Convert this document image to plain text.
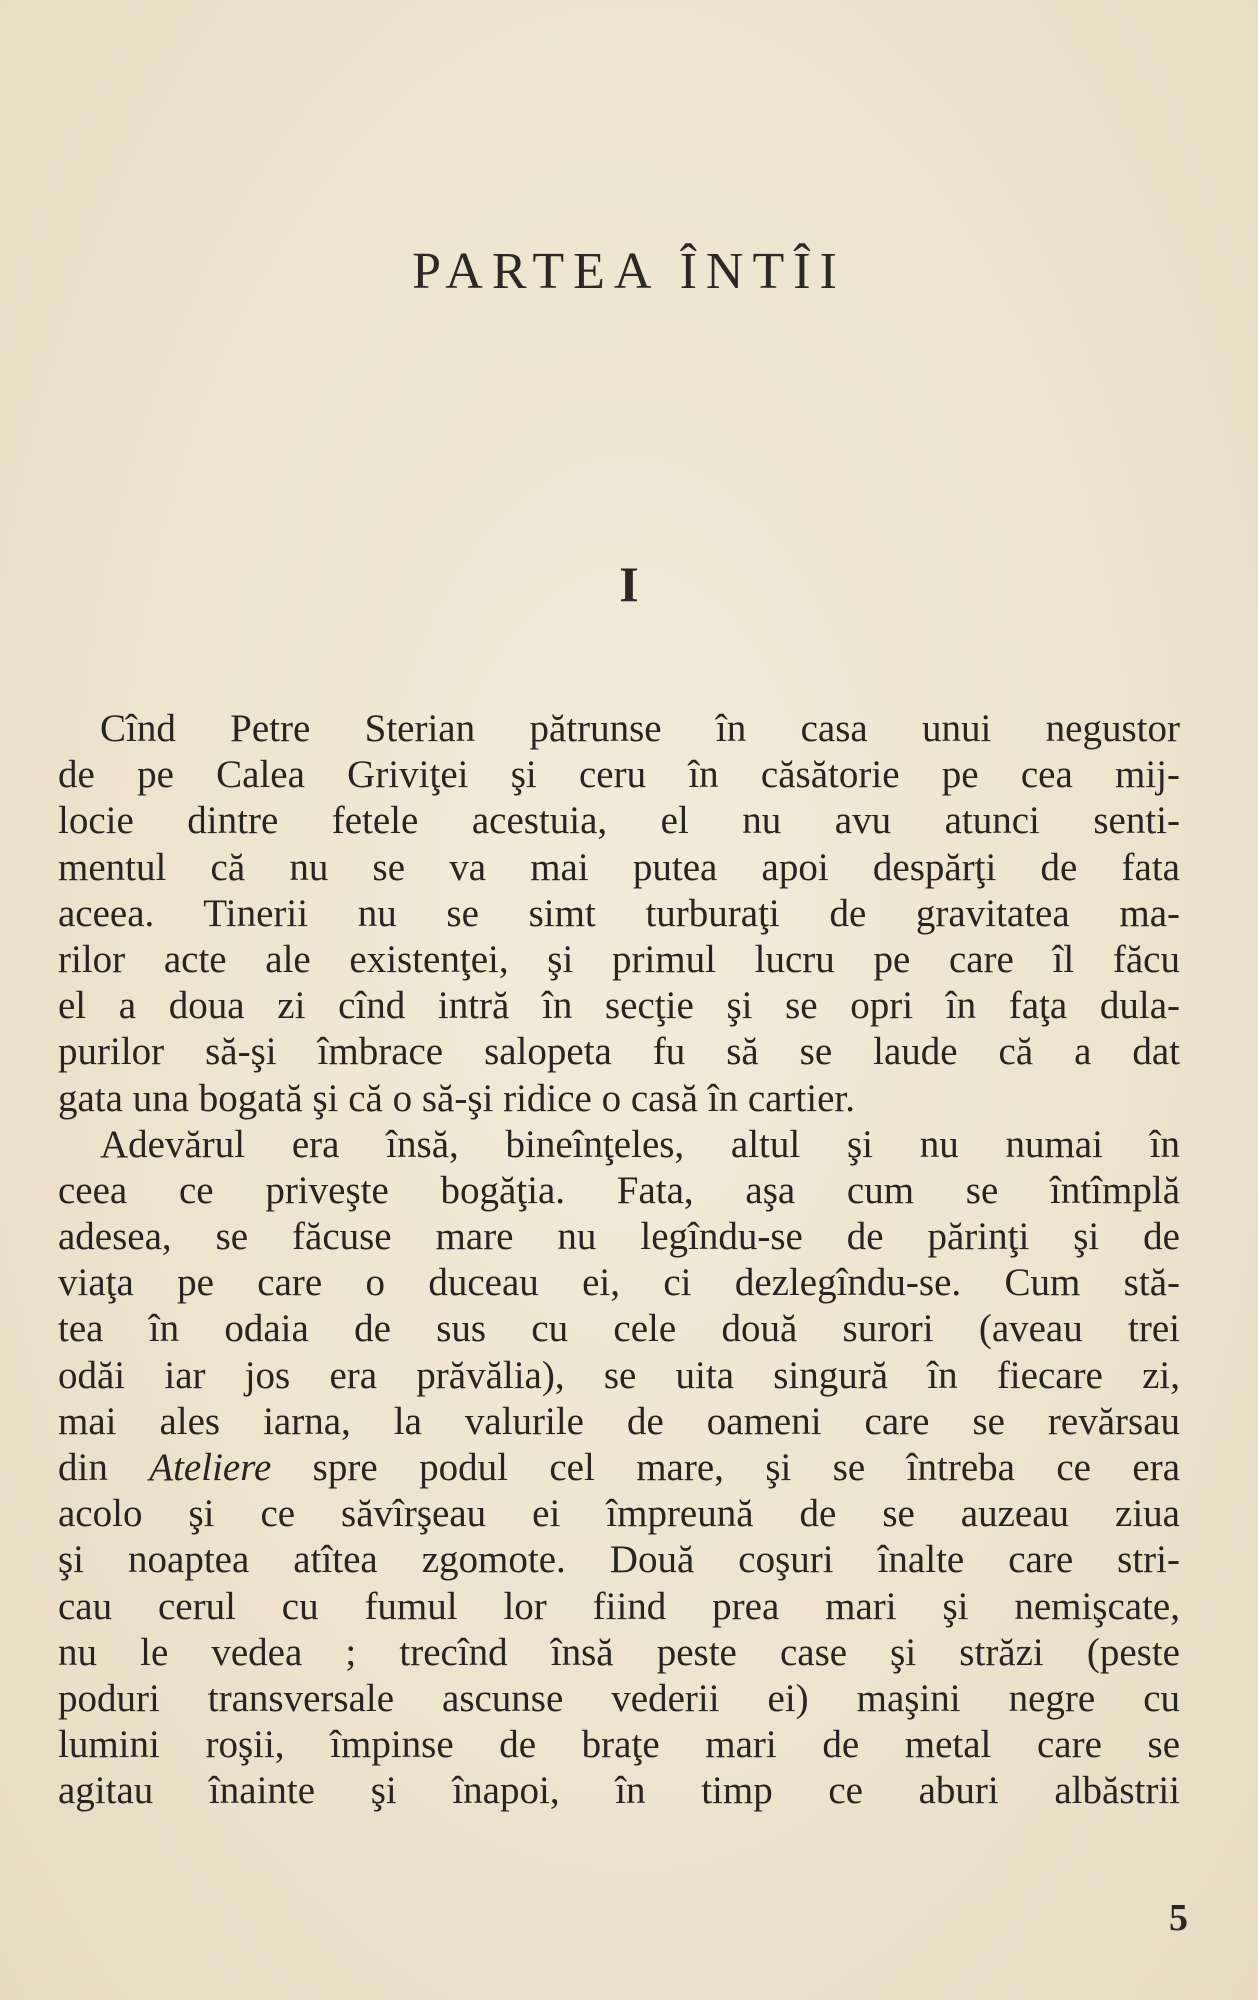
PARTEA ÎNTÎI
I
Cînd Petre Sterian pătrunse în casa unui negustor
de pe Calea Griviţei şi ceru în căsătorie pe cea mij-
locie dintre fetele acestuia, el nu avu atunci senti-
mentul că nu se va mai putea apoi despărţi de fata
aceea. Tinerii nu se simt turburaţi de gravitatea ma-
rilor acte ale existenţei, şi primul lucru pe care îl făcu
el a doua zi cînd intră în secţie şi se opri în faţa dula-
purilor să-şi îmbrace salopeta fu să se laude că a dat
gata una bogată şi că o să-şi ridice o casă în cartier.
Adevărul era însă, bineînţeles, altul şi nu numai în
ceea ce priveşte bogăţia. Fata, aşa cum se întîmplă
adesea, se făcuse mare nu legîndu-se de părinţi şi de
viaţa pe care o duceau ei, ci dezlegîndu-se. Cum stă-
tea în odaia de sus cu cele două surori (aveau trei
odăi iar jos era prăvălia), se uita singură în fiecare zi,
mai ales iarna, la valurile de oameni care se revărsau
din Ateliere spre podul cel mare, şi se întreba ce era
acolo şi ce săvîrşeau ei împreună de se auzeau ziua
şi noaptea atîtea zgomote. Două coşuri înalte care stri-
cau cerul cu fumul lor fiind prea mari şi nemişcate,
nu le vedea ; trecînd însă peste case şi străzi (peste
poduri transversale ascunse vederii ei) maşini negre cu
lumini roşii, împinse de braţe mari de metal care se
agitau înainte şi înapoi, în timp ce aburi albăstrii
5
